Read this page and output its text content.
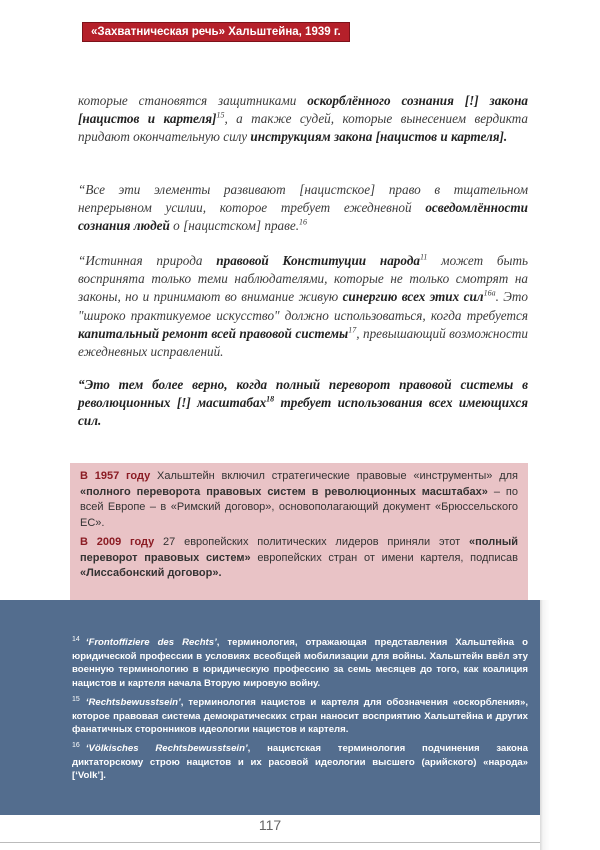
«Захватническая речь» Хальштейна, 1939 г.

которые становятся защитниками оскорблённого сознания [!] закона [нацистов и картеля]$^{15}$, а также судей, которые вынесением вердикта придают окончательную силу инструкциям закона [нацистов и картеля].

“Все эти элементы развивают [нацистское] право в тщательном непрерывном усилии, которое требует ежедневной осведомлённости сознания людей о [нацистском] праве.$^{16}$

“Истинная природа правовой Конституции народа$^{11}$ может быть воспринята только теми наблюдателями, которые не только смотрят на законы, но и принимают во внимание живую синергию всех этих сил$^{16а}$. Это "широко практикуемое искусство" должно использоваться, когда требуется капитальный ремонт всей правовой системы$^{17}$, превышающий возможности ежедневных исправлений.

“Это тем более верно, когда полный переворот правовой системы в революционных [!] масштабах$^{18}$ требует использования всех имеющихся сил.

В 1957 году Хальштейн включил стратегические правовые «инструменты» для «полного переворота правовых систем в революционных масштабах» – по всей Европе – в «Римский договор», основополагающий документ «Брюссельского ЕС».

В 2009 году 27 европейских политических лидеров приняли этот «полный переворот правовых систем» европейских стран от имени картеля, подписав «Лиссабонский договор».

$^{14}$ ‘Frontoffiziere des Rechts’, терминология, отражающая представления Хальштейна о юридической профессии в условиях всеобщей мобилизации для войны. Хальштейн ввёл эту военную терминологию в юридическую профессию за семь месяцев до того, как коалиция нацистов и картеля начала Вторую мировую войну.
$^{15}$ ‘Rechtsbewusstsein’, терминология нацистов и картеля для обозначения «оскорбления», которое правовая система демократических стран наносит восприятию Хальштейна и других фанатичных сторонников идеологии нацистов и картеля.
$^{16}$ ‘Völkisches Rechtsbewusstsein’, нацистская терминология подчинения закона диктаторскому строю нацистов и их расовой идеологии высшего (арийского) «народа» [‘Volk’].
117
